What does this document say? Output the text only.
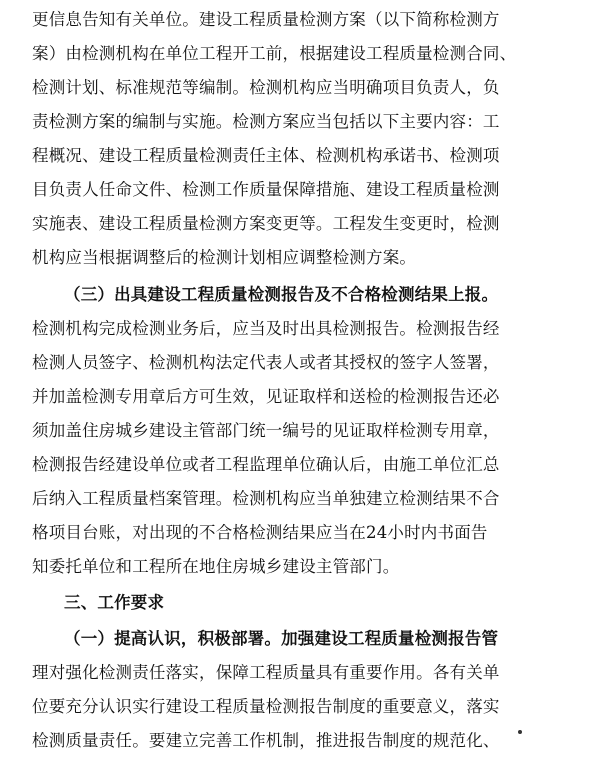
更信息告知有关单位。建设工程质量检测方案（以下简称检测方
案）由检测机构在单位工程开工前，根据建设工程质量检测合同、
检测计划、标准规范等编制。检测机构应当明确项目负责人，负
责检测方案的编制与实施。检测方案应当包括以下主要内容：工
程概况、建设工程质量检测责任主体、检测机构承诺书、检测项
目负责人任命文件、检测工作质量保障措施、建设工程质量检测
实施表、建设工程质量检测方案变更等。工程发生变更时，检测
机构应当根据调整后的检测计划相应调整检测方案。
（三）出具建设工程质量检测报告及不合格检测结果上报。
检测机构完成检测业务后，应当及时出具检测报告。检测报告经
检测人员签字、检测机构法定代表人或者其授权的签字人签署，
并加盖检测专用章后方可生效，见证取样和送检的检测报告还必
须加盖住房城乡建设主管部门统一编号的见证取样检测专用章，
检测报告经建设单位或者工程监理单位确认后，由施工单位汇总
后纳入工程质量档案管理。检测机构应当单独建立检测结果不合
格项目台账，对出现的不合格检测结果应当在24小时内书面告
知委托单位和工程所在地住房城乡建设主管部门。
三、工作要求
（一）提高认识，积极部署。加强建设工程质量检测报告管
理对强化检测责任落实，保障工程质量具有重要作用。各有关单
位要充分认识实行建设工程质量检测报告制度的重要意义，落实
检测质量责任。要建立完善工作机制，推进报告制度的规范化、
